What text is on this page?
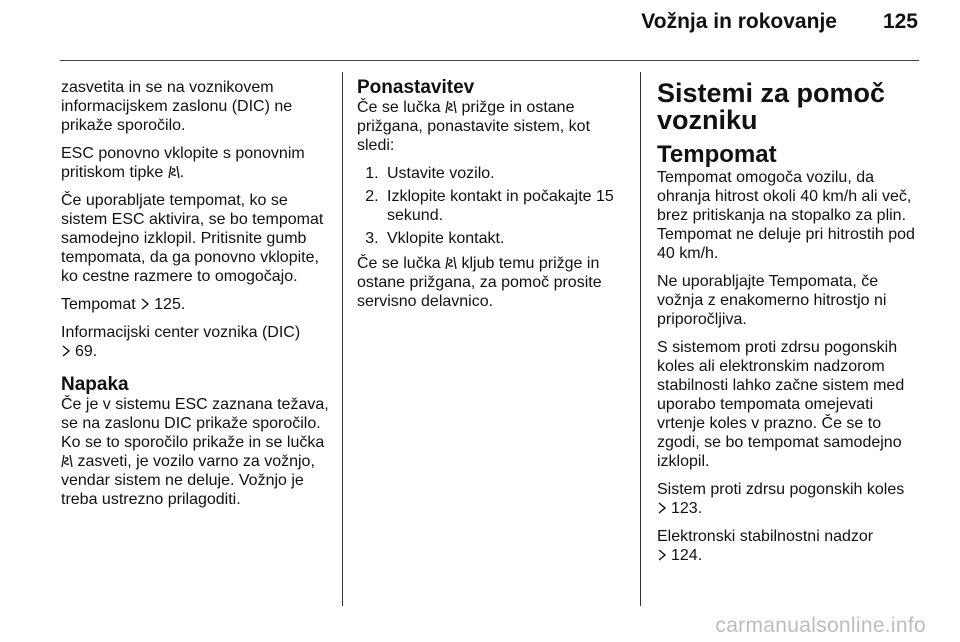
Vožnja in rokovanje 125

zasvetita in se na voznikovem informacijskem zaslonu (DIC) ne prikaže sporočilo.

ESC ponovno vklopite s ponovnim pritiskom tipke .

Če uporabljate tempomat, ko se sistem ESC aktivira, se bo tempomat samodejno izklopil. Pritisnite gumb tempomata, da ga ponovno vklopite, ko cestne razmere to omogočajo.

Tempomat 125.

Informacijski center voznika (DIC)

69.

Napaka

Če je v sistemu ESC zaznana težava, se na zaslonu DIC prikaže sporočilo. Ko se to sporočilo prikaže in se lučka
zasveti, je vozilo varno za vožnjo, vendar sistem ne deluje. Vožnjo je treba ustrezno prilagoditi.

Ponastavitev

Če se lučka prižge in ostane prižgana, ponastavite sistem, kot sledi:

1. Ustavite vozilo.
2. Izklopite kontakt in počakajte 15 sekund.
3. Vklopite kontakt.

Če se lučka kljub temu prižge in ostane prižgana, za pomoč prosite servisno delavnico.

Sistemi za pomoč vozniku
Tempomat

Tempomat omogoča vozilu, da ohranja hitrost okoli 40 km/h ali več, brez pritiskanja na stopalko za plin. Tempomat ne deluje pri hitrostih pod 40 km/h.

Ne uporabljajte Tempomata, če vožnja z enakomerno hitrostjo ni priporočljiva.

S sistemom proti zdrsu pogonskih koles ali elektronskim nadzorom stabilnosti lahko začne sistem med uporabo tempomata omejevati vrtenje koles v prazno. Če se to zgodi, se bo tempomat samodejno izklopil.

Sistem proti zdrsu pogonskih koles

123.

Elektronski stabilnostni nadzor

124.

carmanualsonline.info
